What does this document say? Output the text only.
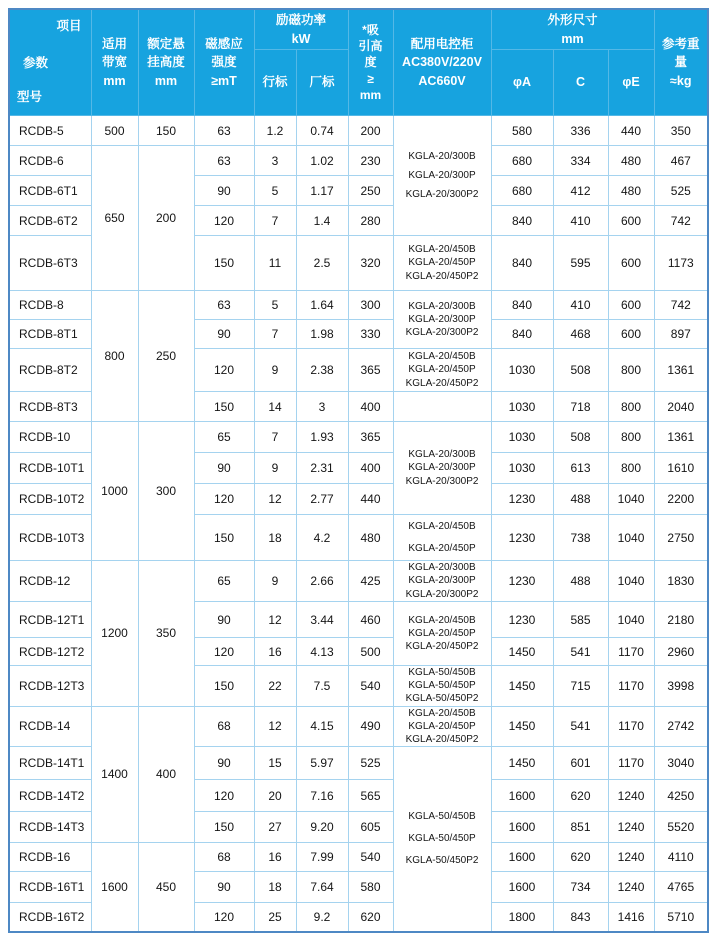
项目
参数
型号	适用
带宽
mm	额定悬
挂高度
mm	磁感应
强度
≥mT	励磁功率
kW		*吸
引高
度
≥
mm	配用电控柜
AC380V/220V
AC660V	外形尺寸
mm			参考重
量
≈kg
				行标	厂标			φA	C	φE	
RCDB-5	500	150	63	1.2	0.74	200	KGLA-20/300B
KGLA-20/300P
KGLA-20/300P2	580	336	440	350
RCDB-6	650	200	63	3	1.02	230		680	334	480	467
RCDB-6T1			90	5	1.17	250		680	412	480	525
RCDB-6T2			120	7	1.4	280		840	410	600	742
RCDB-6T3			150	11	2.5	320	KGLA-20/450B
KGLA-20/450P
KGLA-20/450P2	840	595	600	1173
RCDB-8	800	250	63	5	1.64	300	KGLA-20/300B
KGLA-20/300P
KGLA-20/300P2	840	410	600	742
RCDB-8T1			90	7	1.98	330		840	468	600	897
RCDB-8T2			120	9	2.38	365	KGLA-20/450B
KGLA-20/450P
KGLA-20/450P2	1030	508	800	1361
RCDB-8T3			150	14	3	400		1030	718	800	2040
RCDB-10	1000	300	65	7	1.93	365	KGLA-20/300B
KGLA-20/300P
KGLA-20/300P2	1030	508	800	1361
RCDB-10T1			90	9	2.31	400		1030	613	800	1610
RCDB-10T2			120	12	2.77	440		1230	488	1040	2200
RCDB-10T3			150	18	4.2	480	KGLA-20/450B
KGLA-20/450P	1230	738	1040	2750
RCDB-12	1200	350	65	9	2.66	425	KGLA-20/300B
KGLA-20/300P
KGLA-20/300P2	1230	488	1040	1830
RCDB-12T1			90	12	3.44	460	KGLA-20/450B
KGLA-20/450P
KGLA-20/450P2	1230	585	1040	2180
RCDB-12T2			120	16	4.13	500		1450	541	1170	2960
RCDB-12T3			150	22	7.5	540	KGLA-50/450B
KGLA-50/450P
KGLA-50/450P2	1450	715	1170	3998
RCDB-14	1400	400	68	12	4.15	490	KGLA-20/450B
KGLA-20/450P
KGLA-20/450P2	1450	541	1170	2742
RCDB-14T1			90	15	5.97	525	KGLA-50/450B
KGLA-50/450P
KGLA-50/450P2	1450	601	1170	3040
RCDB-14T2			120	20	7.16	565		1600	620	1240	4250
RCDB-14T3			150	27	9.20	605		1600	851	1240	5520
RCDB-16	1600	450	68	16	7.99	540		1600	620	1240	4110
RCDB-16T1			90	18	7.64	580		1600	734	1240	4765
RCDB-16T2			120	25	9.2	620		1800	843	1416	5710
